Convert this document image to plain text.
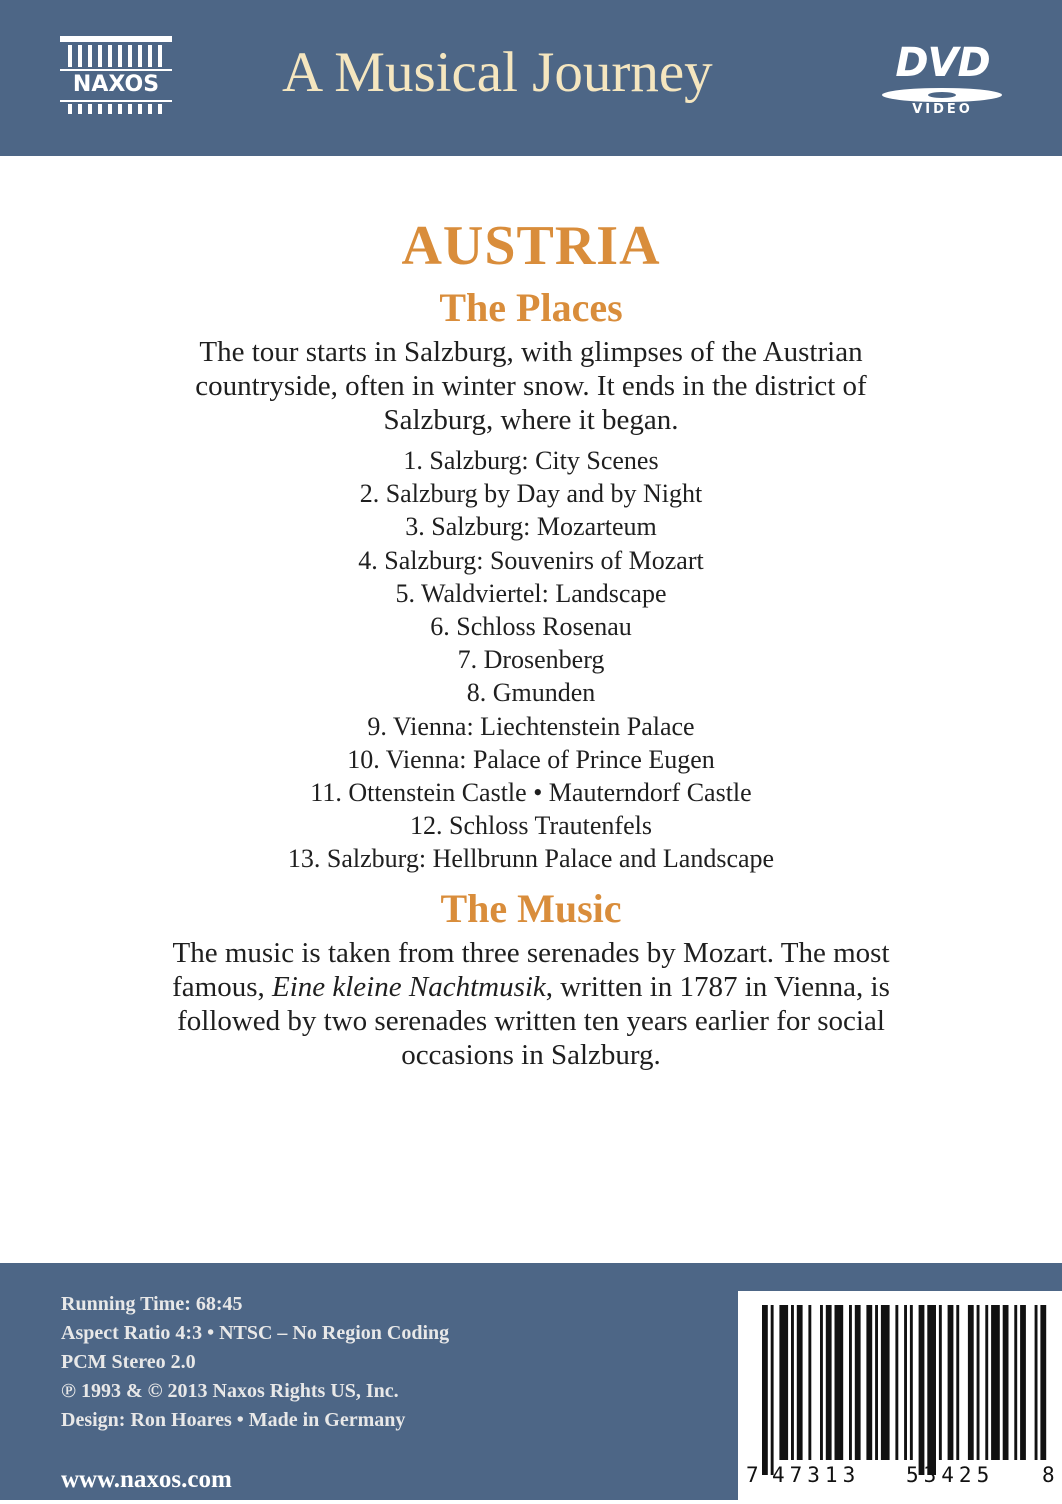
NAXOS A Musical Journey	DVD
VIDEO
AUSTRIA
The Places
The tour starts in Salzburg, with glimpses of the Austrian
countryside, often in winter snow. It ends in the district of
Salzburg, where it began.
1. Salzburg: City Scenes
2. Salzburg by Day and by Night
3. Salzburg: Mozarteum
4. Salzburg: Souvenirs of Mozart
5. Waldviertel: Landscape
6. Schloss Rosenau
7. Drosenberg
8. Gmunden
9. Vienna: Liechtenstein Palace
10. Vienna: Palace of Prince Eugen
11. Ottenstein Castle • Mauterndorf Castle
12. Schloss Trautenfels
13. Salzburg: Hellbrunn Palace and Landscape
The Music
The music is taken from three serenades by Mozart. The most
famous, Eine kleine Nachtmusik, written in 1787 in Vienna, is
followed by two serenades written ten years earlier for social
occasions in Salzburg.
Running Time: 68:45
Aspect Ratio 4:3 • NTSC – No Region Coding
PCM Stereo 2.0
℗ 1993 & © 2013 Naxos Rights US, Inc.
Design: Ron Hoares • Made in Germany
www.naxos.com	7 47313 53425 8
